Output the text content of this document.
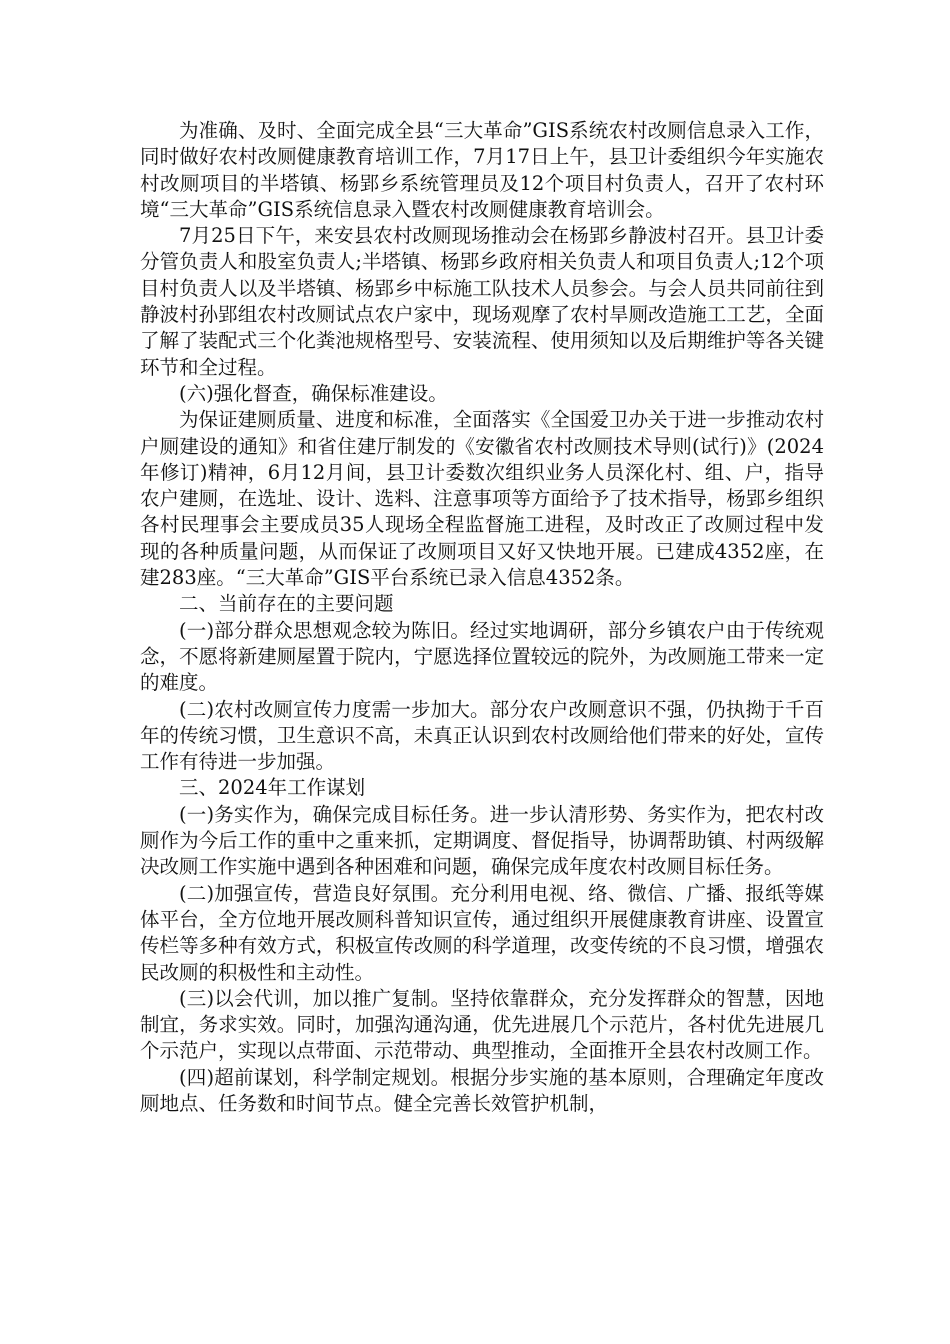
为准确、及时、全面完成全县“三大革命”GIS系统农村改厕信息录入工作，同时做好农村改厕健康教育培训工作，7月17日上午，县卫计委组织今年实施农村改厕项目的半塔镇、杨郢乡系统管理员及12个项目村负责人，召开了农村环境“三大革命”GIS系统信息录入暨农村改厕健康教育培训会。

7月25日下午，来安县农村改厕现场推动会在杨郢乡静波村召开。县卫计委分管负责人和股室负责人;半塔镇、杨郢乡政府相关负责人和项目负责人;12个项目村负责人以及半塔镇、杨郢乡中标施工队技术人员参会。与会人员共同前往到静波村孙郢组农村改厕试点农户家中，现场观摩了农村旱厕改造施工工艺，全面了解了装配式三个化粪池规格型号、安装流程、使用须知以及后期维护等各关键环节和全过程。

(六)强化督查，确保标准建设。

为保证建厕质量、进度和标准，全面落实《全国爱卫办关于进一步推动农村户厕建设的通知》和省住建厅制发的《安徽省农村改厕技术导则(试行)》(2024年修订)精神，6月12月间，县卫计委数次组织业务人员深化村、组、户，指导农户建厕，在选址、设计、选料、注意事项等方面给予了技术指导，杨郢乡组织各村民理事会主要成员35人现场全程监督施工进程，及时改正了改厕过程中发现的各种质量问题，从而保证了改厕项目又好又快地开展。已建成4352座，在建283座。“三大革命”GIS平台系统已录入信息4352条。

二、当前存在的主要问题

(一)部分群众思想观念较为陈旧。经过实地调研，部分乡镇农户由于传统观念，不愿将新建厕屋置于院内，宁愿选择位置较远的院外，为改厕施工带来一定的难度。

(二)农村改厕宣传力度需一步加大。部分农户改厕意识不强，仍执拗于千百年的传统习惯，卫生意识不高，未真正认识到农村改厕给他们带来的好处，宣传工作有待进一步加强。

三、2024年工作谋划

(一)务实作为，确保完成目标任务。进一步认清形势、务实作为，把农村改厕作为今后工作的重中之重来抓，定期调度、督促指导，协调帮助镇、村两级解决改厕工作实施中遇到各种困难和问题，确保完成年度农村改厕目标任务。

(二)加强宣传，营造良好氛围。充分利用电视、络、微信、广播、报纸等媒体平台，全方位地开展改厕科普知识宣传，通过组织开展健康教育讲座、设置宣传栏等多种有效方式，积极宣传改厕的科学道理，改变传统的不良习惯，增强农民改厕的积极性和主动性。

(三)以会代训，加以推广复制。坚持依靠群众，充分发挥群众的智慧，因地制宜，务求实效。同时，加强沟通沟通，优先进展几个示范片，各村优先进展几个示范户，实现以点带面、示范带动、典型推动，全面推开全县农村改厕工作。

(四)超前谋划，科学制定规划。根据分步实施的基本原则，合理确定年度改厕地点、任务数和时间节点。健全完善长效管护机制，
